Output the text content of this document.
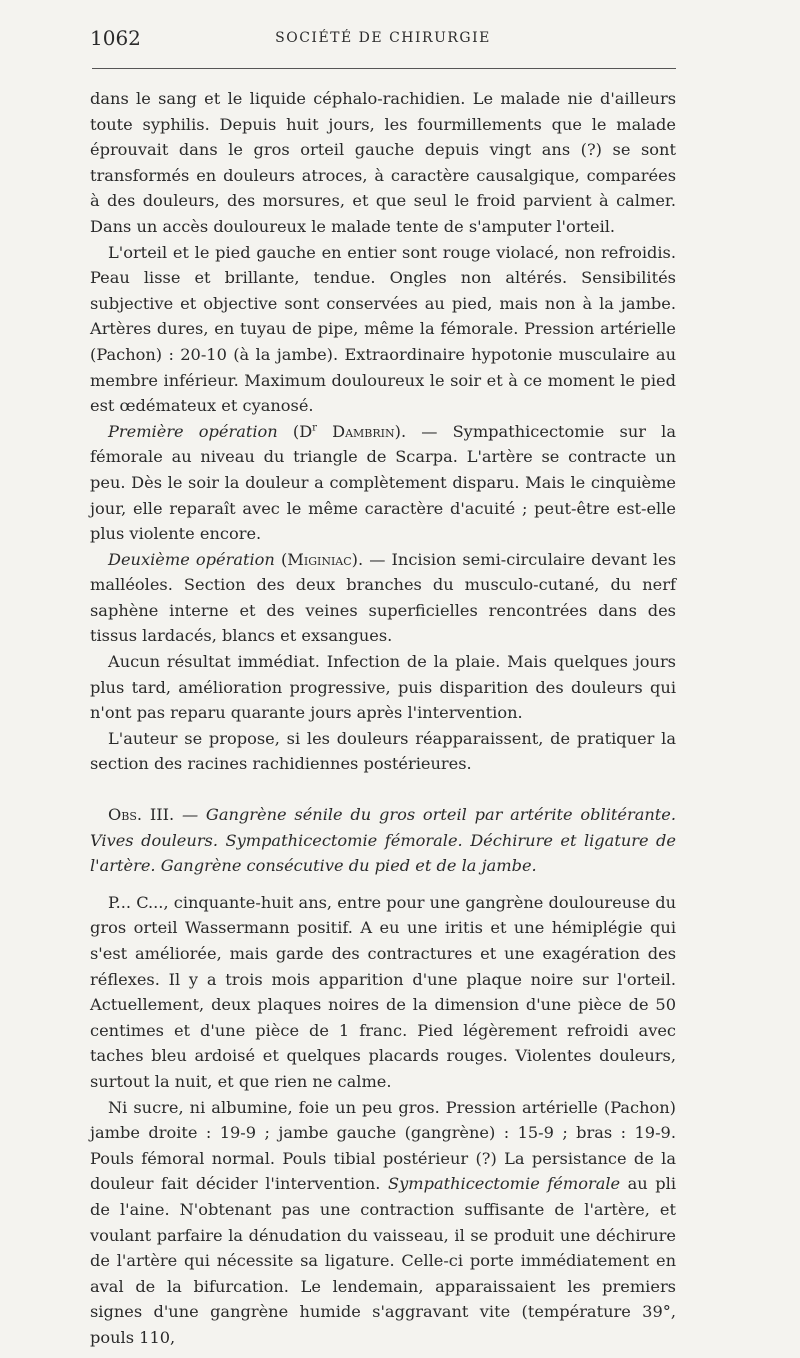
1062	SOCIÉTÉ DE CHIRURGIE

dans le sang et le liquide céphalo-rachidien. Le malade nie d'ailleurs toute syphilis. Depuis huit jours, les fourmillements que le malade éprouvait dans le gros orteil gauche depuis vingt ans (?) se sont transformés en douleurs atroces, à caractère causalgique, comparées à des douleurs, des morsures, et que seul le froid parvient à calmer. Dans un accès douloureux le malade tente de s'amputer l'orteil.

L'orteil et le pied gauche en entier sont rouge violacé, non refroidis. Peau lisse et brillante, tendue. Ongles non altérés. Sensibilités subjective et objective sont conservées au pied, mais non à la jambe. Artères dures, en tuyau de pipe, même la fémorale. Pression artérielle (Pachon) : 20-10 (à la jambe). Extraordinaire hypotonie musculaire au membre inférieur. Maximum douloureux le soir et à ce moment le pied est œdémateux et cyanosé.

Première opération ($D^r$ Dambrin). — Sympathicectomie sur la fémorale au niveau du triangle de Scarpa. L'artère se contracte un peu. Dès le soir la douleur a complètement disparu. Mais le cinquième jour, elle reparaît avec le même caractère d'acuité ; peut-être est-elle plus violente encore.

Deuxième opération (Miginiac). — Incision semi-circulaire devant les malléoles. Section des deux branches du musculo-cutané, du nerf saphène interne et des veines superficielles rencontrées dans des tissus lardacés, blancs et exsangues.

Aucun résultat immédiat. Infection de la plaie. Mais quelques jours plus tard, amélioration progressive, puis disparition des douleurs qui n'ont pas reparu quarante jours après l'intervention.

L'auteur se propose, si les douleurs réapparaissent, de pratiquer la section des racines rachidiennes postérieures.

Obs. III. — Gangrène sénile du gros orteil par artérite oblitérante. Vives douleurs. Sympathicectomie fémorale. Déchirure et ligature de l'artère. Gangrène consécutive du pied et de la jambe.

P... C..., cinquante-huit ans, entre pour une gangrène douloureuse du gros orteil Wassermann positif. A eu une iritis et une hémiplégie qui s'est améliorée, mais garde des contractures et une exagération des réflexes. Il y a trois mois apparition d'une plaque noire sur l'orteil. Actuellement, deux plaques noires de la dimension d'une pièce de 50 centimes et d'une pièce de 1 franc. Pied légèrement refroidi avec taches bleu ardoisé et quelques placards rouges. Violentes douleurs, surtout la nuit, et que rien ne calme.

Ni sucre, ni albumine, foie un peu gros. Pression artérielle (Pachon) jambe droite : 19-9 ; jambe gauche (gangrène) : 15-9 ; bras : 19-9. Pouls fémoral normal. Pouls tibial postérieur (?) La persistance de la douleur fait décider l'intervention. Sympathicectomie fémorale au pli de l'aine. N'obtenant pas une contraction suffisante de l'artère, et voulant parfaire la dénudation du vaisseau, il se produit une déchirure de l'artère qui nécessite sa ligature. Celle-ci porte immédiatement en aval de la bifurcation. Le lendemain, apparaissaient les premiers signes d'une gangrène humide s'aggravant vite (température 39°, pouls 110,
